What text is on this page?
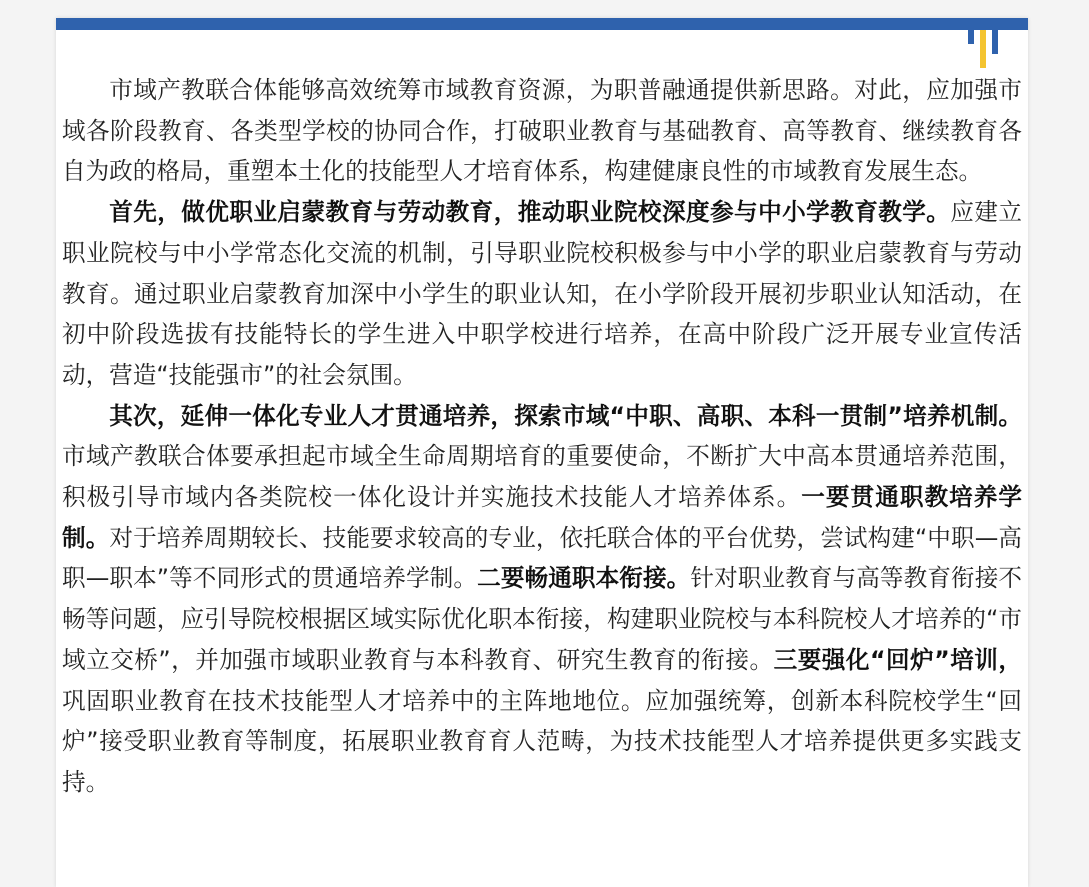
市域产教联合体能够高效统筹市域教育资源，为职普融通提供新思路。对此，应加强市域各阶段教育、各类型学校的协同合作，打破职业教育与基础教育、高等教育、继续教育各自为政的格局，重塑本土化的技能型人才培育体系，构建健康良性的市域教育发展生态。

首先，做优职业启蒙教育与劳动教育，推动职业院校深度参与中小学教育教学。应建立职业院校与中小学常态化交流的机制，引导职业院校积极参与中小学的职业启蒙教育与劳动教育。通过职业启蒙教育加深中小学生的职业认知，在小学阶段开展初步职业认知活动，在初中阶段选拔有技能特长的学生进入中职学校进行培养，在高中阶段广泛开展专业宣传活动，营造“技能强市”的社会氛围。

其次，延伸一体化专业人才贯通培养，探索市域“中职、高职、本科一贯制”培养机制。市域产教联合体要承担起市域全生命周期培育的重要使命，不断扩大中高本贯通培养范围，积极引导市域内各类院校一体化设计并实施技术技能人才培养体系。一要贯通职教培养学制。对于培养周期较长、技能要求较高的专业，依托联合体的平台优势，尝试构建“中职—高职—职本”等不同形式的贯通培养学制。二要畅通职本衔接。针对职业教育与高等教育衔接不畅等问题，应引导院校根据区域实际优化职本衔接，构建职业院校与本科院校人才培养的“市域立交桥”，并加强市域职业教育与本科教育、研究生教育的衔接。三要强化“回炉”培训，巩固职业教育在技术技能型人才培养中的主阵地地位。应加强统筹，创新本科院校学生“回炉”接受职业教育等制度，拓展职业教育育人范畴，为技术技能型人才培养提供更多实践支持。
